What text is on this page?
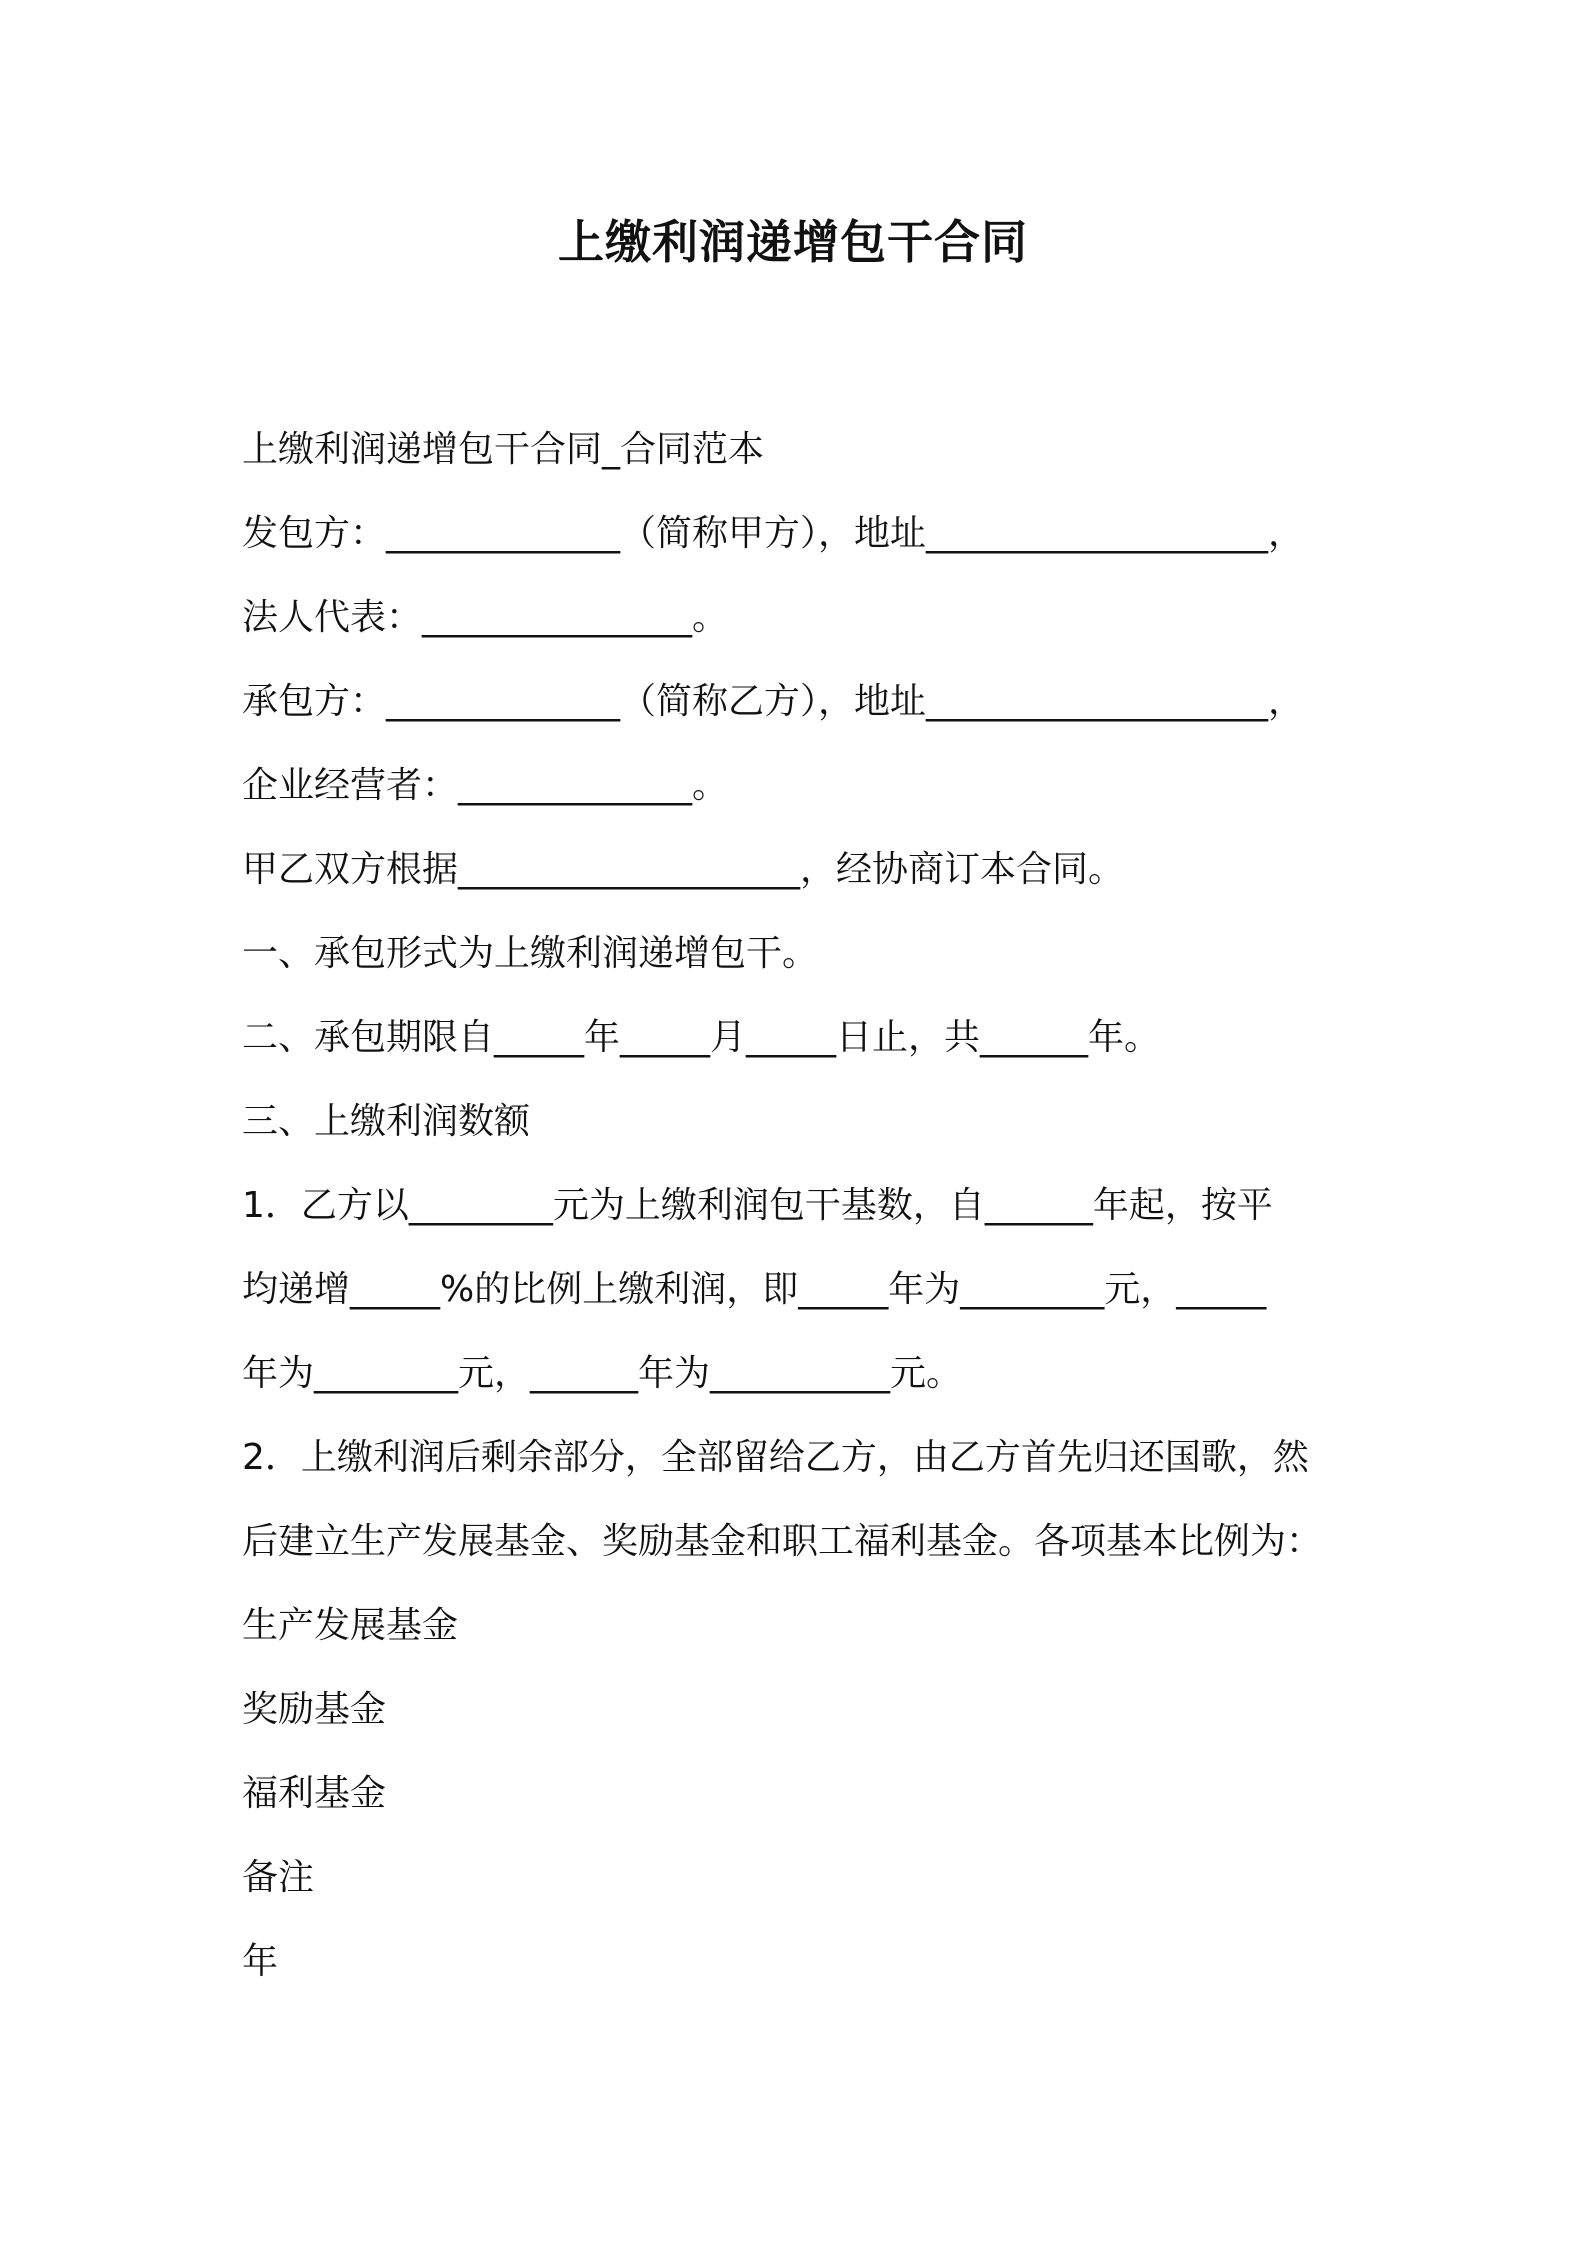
上缴利润递增包干合同

上缴利润递增包干合同_合同范本

发包方：_____________（简称甲方），地址___________________，

法人代表：_______________。

承包方：_____________（简称乙方），地址___________________，

企业经营者：_____________。

甲乙双方根据___________________，经协商订本合同。

一、承包形式为上缴利润递增包干。

二、承包期限自_____年_____月_____日止，共______年。

三、上缴利润数额

1．乙方以________元为上缴利润包干基数，自______年起，按平

均递增_____%的比例上缴利润，即_____年为________元，_____

年为________元，______年为__________元。

2．上缴利润后剩余部分，全部留给乙方，由乙方首先归还国歌，然

后建立生产发展基金、奖励基金和职工福利基金。各项基本比例为：

生产发展基金

奖励基金

福利基金

备注

年
